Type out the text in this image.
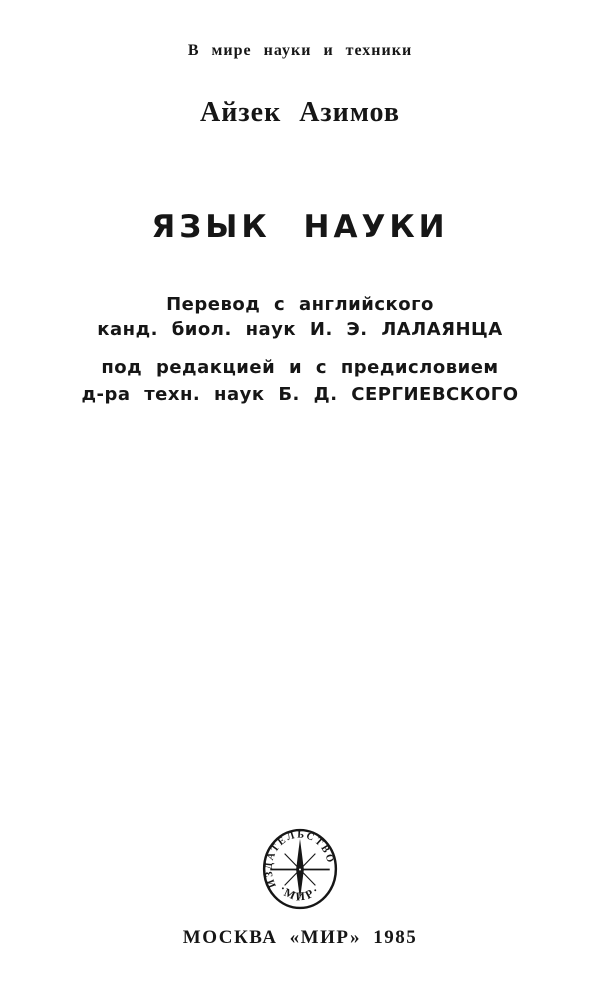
В мире науки и техники
Айзек Азимов
ЯЗЫК НАУКИ
Перевод с английского
канд. биол. наук И. Э. ЛАЛАЯНЦА
под редакцией и с предисловием
д-ра техн. наук Б. Д. СЕРГИЕВСКОГО
ИЗДАТЕЛЬСТВО
·МИР·
МОСКВА «МИР» 1985
